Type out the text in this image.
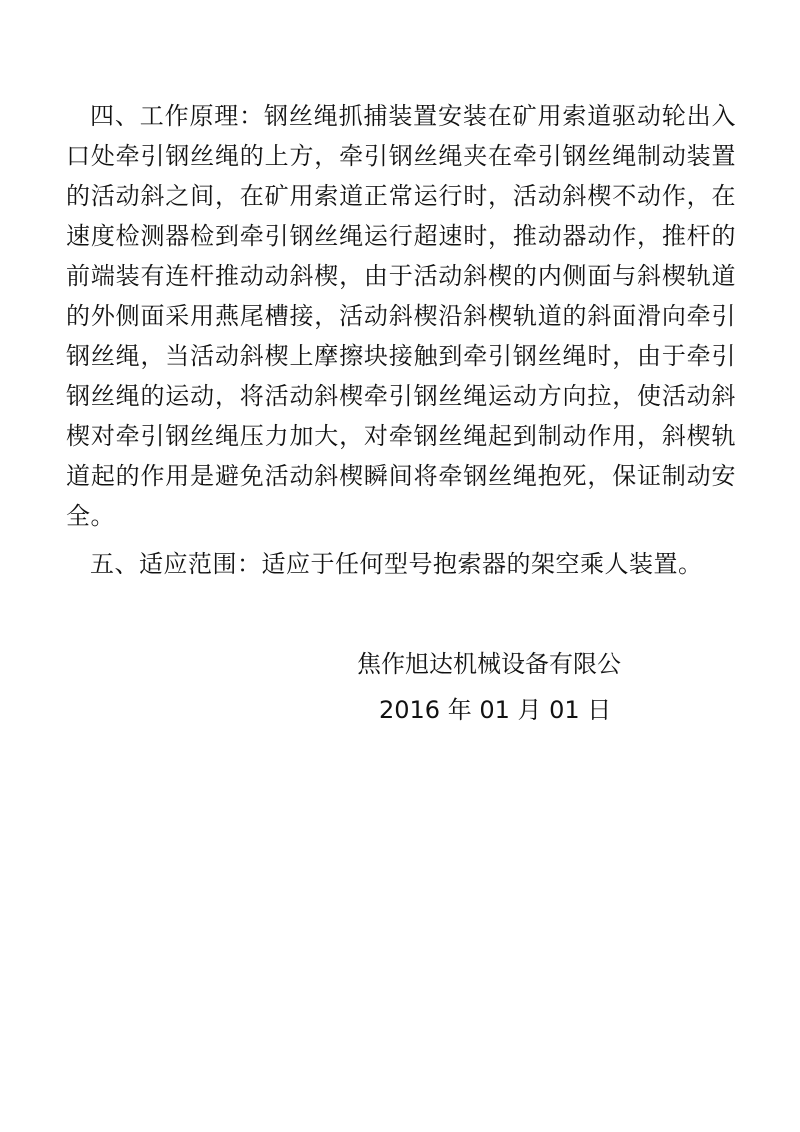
四、工作原理：钢丝绳抓捕装置安装在矿用索道驱动轮出入口处牵引钢丝绳的上方，牵引钢丝绳夹在牵引钢丝绳制动装置的活动斜之间，在矿用索道正常运行时，活动斜楔不动作，在速度检测器检到牵引钢丝绳运行超速时，推动器动作，推杆的前端装有连杆推动动斜楔，由于活动斜楔的内侧面与斜楔轨道的外侧面采用燕尾槽接，活动斜楔沿斜楔轨道的斜面滑向牵引钢丝绳，当活动斜楔上摩擦块接触到牵引钢丝绳时，由于牵引钢丝绳的运动，将活动斜楔牵引钢丝绳运动方向拉，使活动斜楔对牵引钢丝绳压力加大，对牵钢丝绳起到制动作用，斜楔轨道起的作用是避免活动斜楔瞬间将牵钢丝绳抱死，保证制动安全。

五、适应范围：适应于任何型号抱索器的架空乘人装置。

焦作旭达机械设备有限公
2016 年 01 月 01 日
